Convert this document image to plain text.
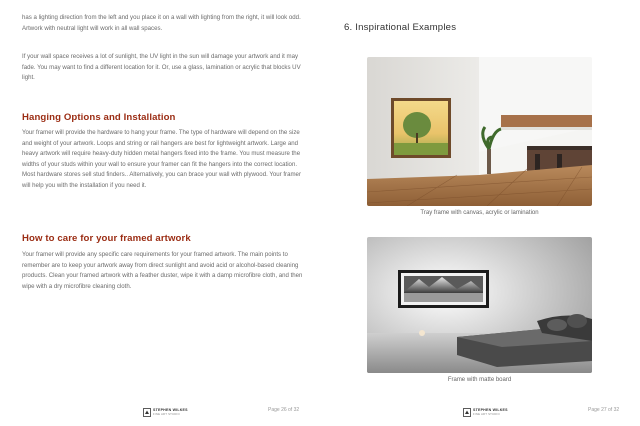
has a lighting direction from the left and you place it on a wall with lighting from the right, it will look odd. Artwork with neutral light will work in all wall spaces.
If your wall space receives a lot of sunlight, the UV light in the sun will damage your artwork and it may fade. You may want to find a different location for it. Or, use a glass, lamination or acrylic that blocks UV light.
Hanging Options and Installation
Your framer will provide the hardware to hang your frame. The type of hardware will depend on the size and weight of your artwork. Loops and string or rail hangers are best for lightweight artwork. Large and heavy artwork will require heavy-duty hidden metal hangers fixed into the frame. You must measure the widths of your studs within your wall to ensure your framer can fit the hangers into the correct location. Most hardware stores sell stud finders.. Alternatively, you can brace your wall with plywood. Your framer will help you with the installation if you need it.
How to care for your framed artwork
Your framer will provide any specific care requirements for your framed artwork. The main points to remember are to keep your artwork away from direct sunlight and avoid acid or alcohol-based cleaning products. Clean your framed artwork with a feather duster, wipe it with a damp microfibre cloth, and then wipe with a dry microfibre cleaning cloth.
STEPHEN WILKES
FINE ART STUDIO
Page 26 of 32
6. Inspirational Examples
Tray frame with canvas, acrylic or lamination
Frame with matte board
STEPHEN WILKES
FINE ART STUDIO
Page 27 of 32
